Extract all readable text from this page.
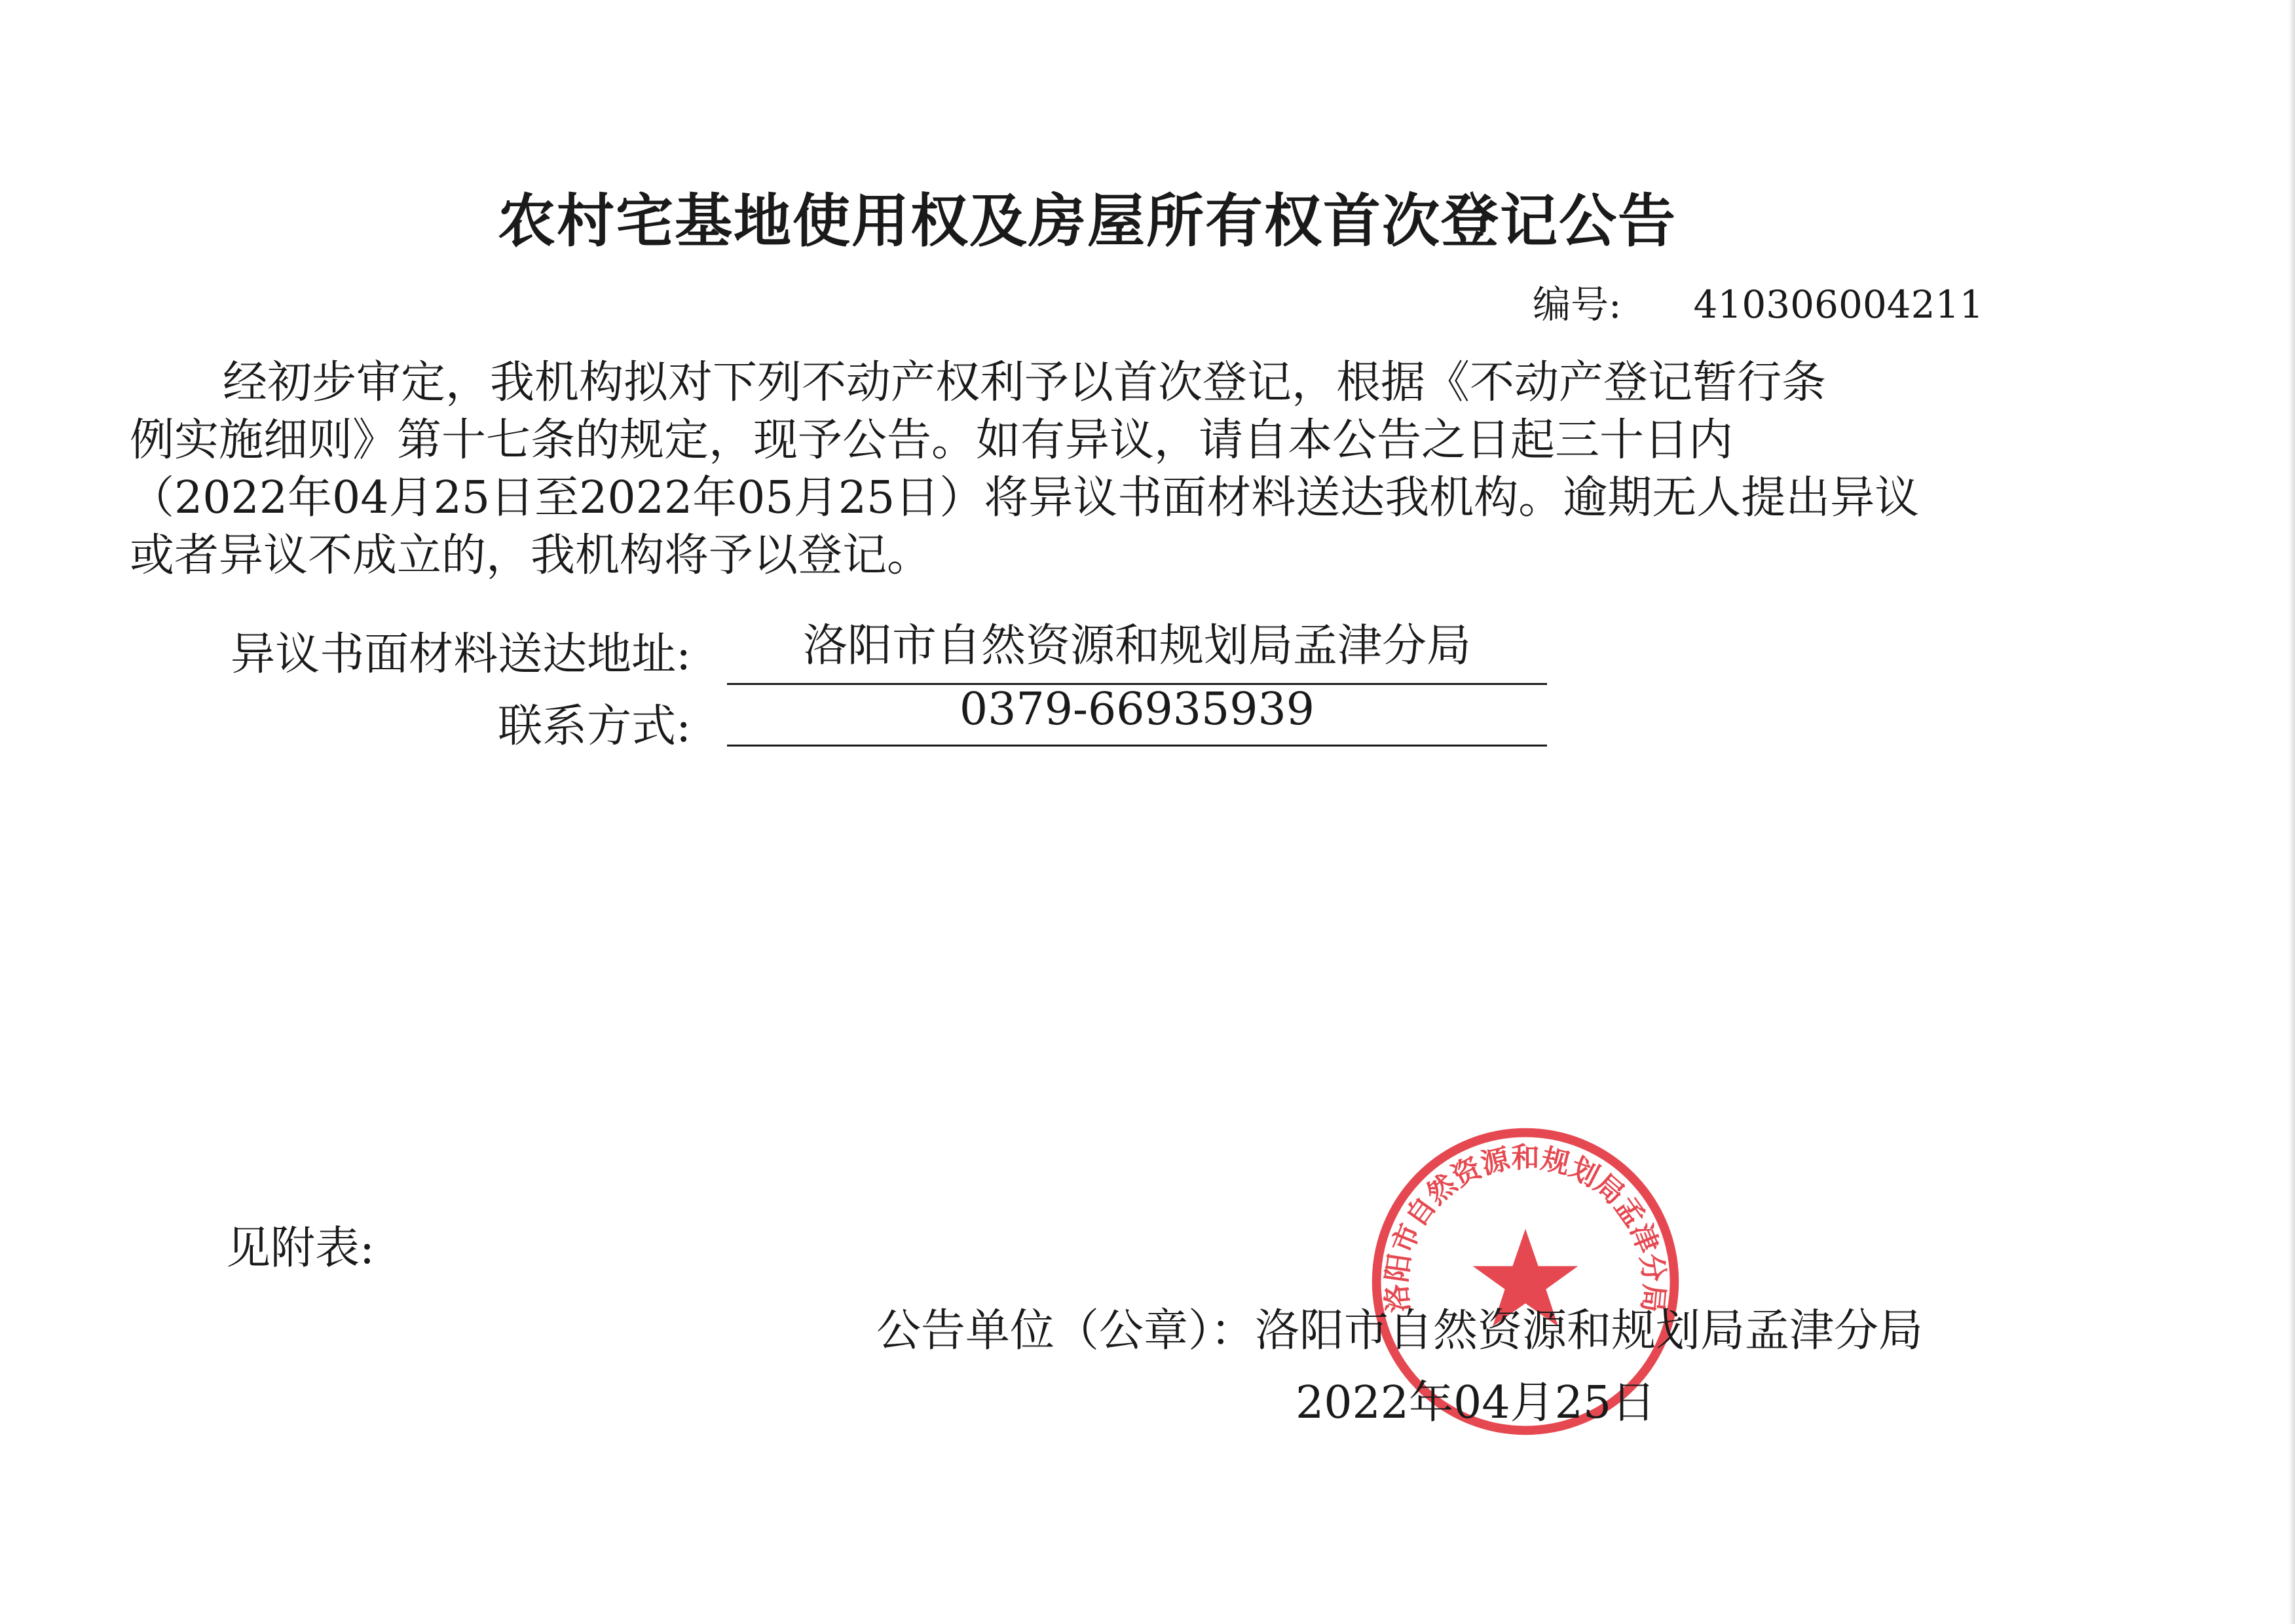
农村宅基地使用权及房屋所有权首次登记公告
编号: 410306004211
经初步审定，我机构拟对下列不动产权利予以首次登记，根据《不动产登记暂行条
例实施细则》第十七条的规定，现予公告。如有异议，请自本公告之日起三十日内
（2022年04月25日至2022年05月25日）将异议书面材料送达我机构。逾期无人提出异议
或者异议不成立的，我机构将予以登记。
异议书面材料送达地址:	洛阳市自然资源和规划局孟津分局
联系方式:	0379-66935939
见附表:
洛阳市自然资源和规划局孟津分局
公告单位（公章）：洛阳市自然资源和规划局孟津分局
2022年04月25日
